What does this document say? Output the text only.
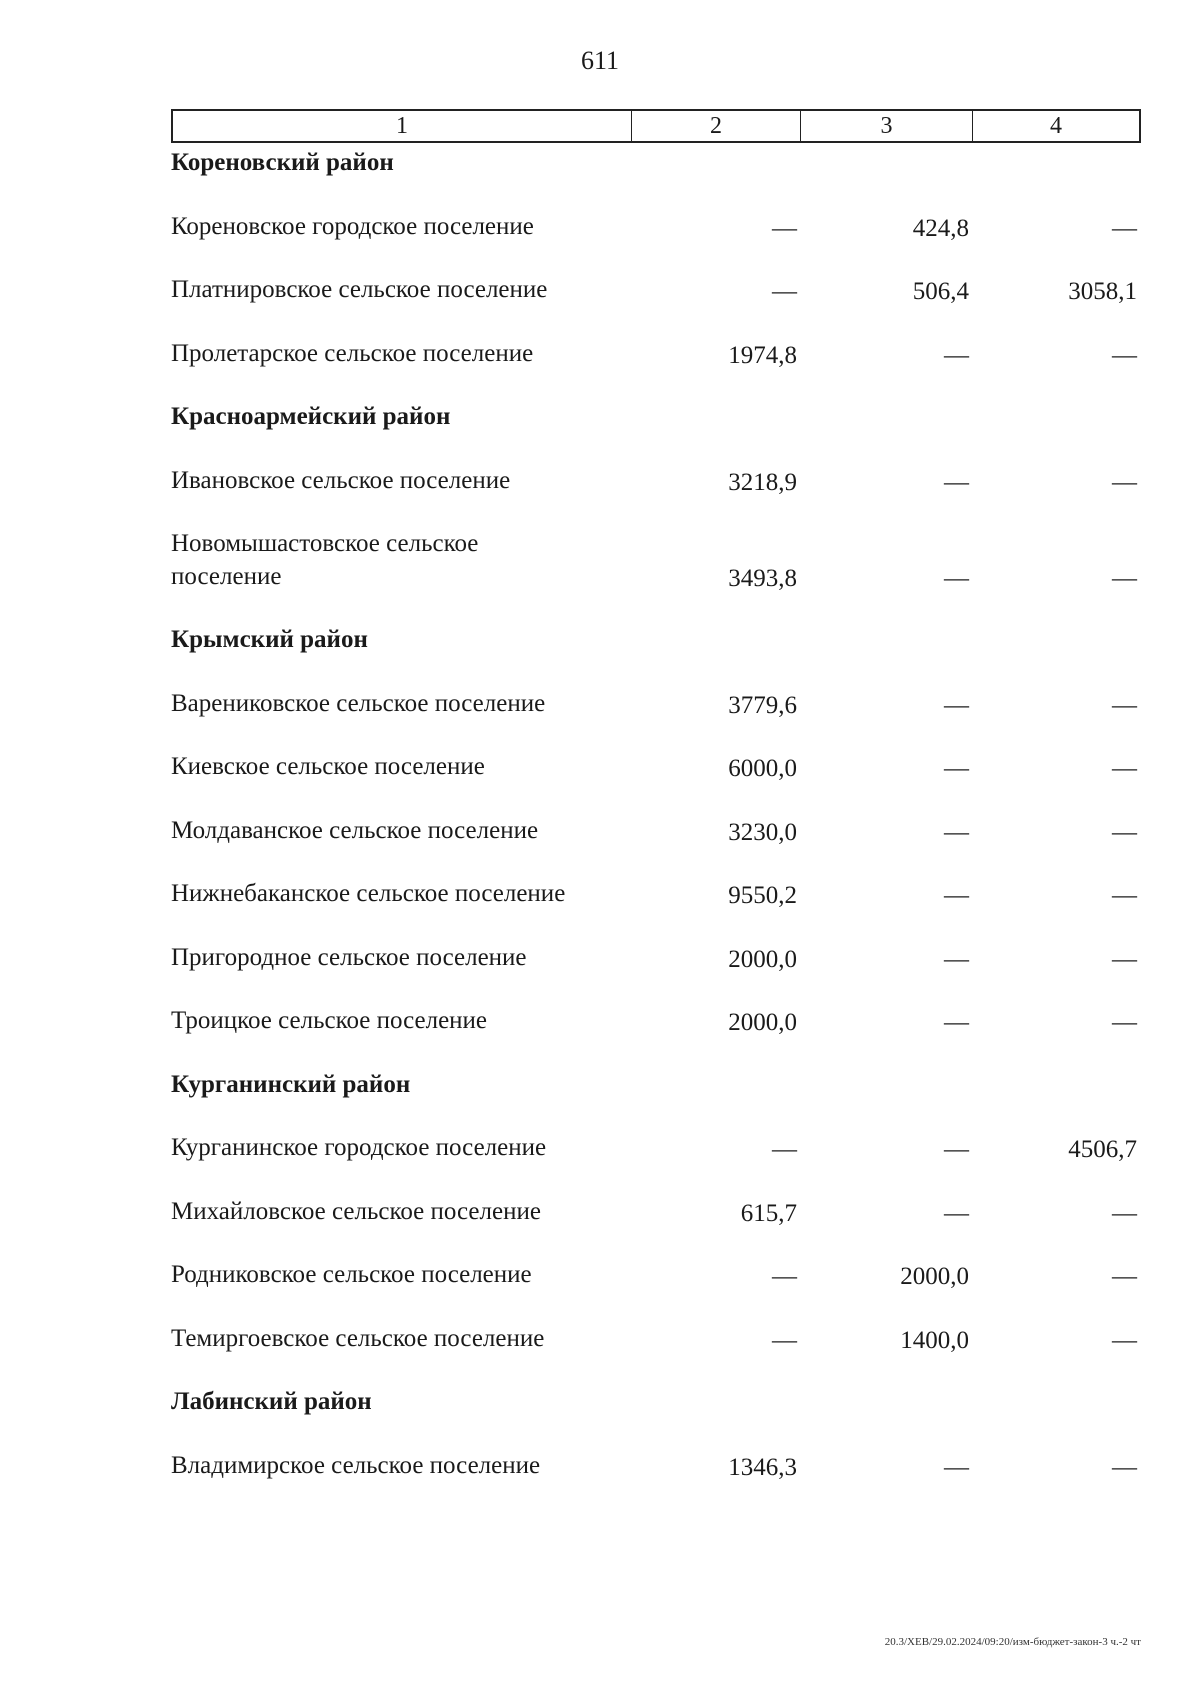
611
1	2	3	4
Кореновский район
Кореновское городское поселение	—	424,8	—
Платнировское сельское поселение	—	506,4	3058,1
Пролетарское сельское поселение	1974,8	—	—
Красноармейский район
Ивановское сельское поселение	3218,9	—	—
Новомышастовское сельское поселение	3493,8	—	—
Крымский район
Варениковское сельское поселение	3779,6	—	—
Киевское сельское поселение	6000,0	—	—
Молдаванское сельское поселение	3230,0	—	—
Нижнебаканское сельское поселение	9550,2	—	—
Пригородное сельское поселение	2000,0	—	—
Троицкое сельское поселение	2000,0	—	—
Курганинский район
Курганинское городское поселение	—	—	4506,7
Михайловское сельское поселение	615,7	—	—
Родниковское сельское поселение	—	2000,0	—
Темиргоевское сельское поселение	—	1400,0	—
Лабинский район
Владимирское сельское поселение	1346,3	—	—
20.3/ХЕВ/29.02.2024/09:20/изм-бюджет-закон-3 ч.-2 чт
